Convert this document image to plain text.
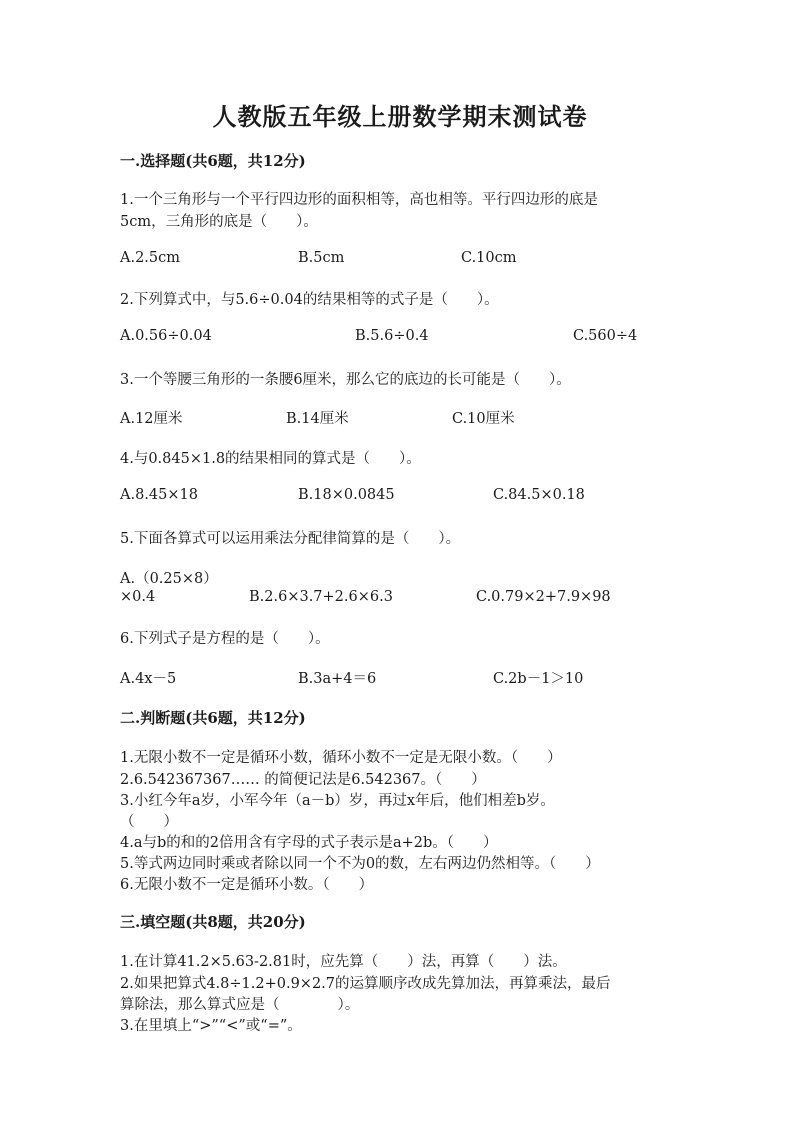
人教版五年级上册数学期末测试卷
一.选择题(共6题，共12分)
1.一个三角形与一个平行四边形的面积相等，高也相等。平行四边形的底是
5cm，三角形的底是（　　）。
A.2.5cm	B.5cm	C.10cm
2.下列算式中，与5.6÷0.04的结果相等的式子是（　　）。
A.0.56÷0.04	B.5.6÷0.4	C.560÷4
3.一个等腰三角形的一条腰6厘米，那么它的底边的长可能是（　　）。
A.12厘米	B.14厘米	C.10厘米
4.与0.845×1.8的结果相同的算式是（　　）。
A.8.45×18	B.18×0.0845	C.84.5×0.18
5.下面各算式可以运用乘法分配律简算的是（　　）。
A.（0.25×8）
×0.4	B.2.6×3.7+2.6×6.3	C.0.79×2+7.9×98
6.下列式子是方程的是（　　）。
A.4x－5	B.3a+4＝6	C.2b－1＞10
二.判断题(共6题，共12分)
1.无限小数不一定是循环小数，循环小数不一定是无限小数。（　　）
2.6.542367367…… 的简便记法是6.542367。（　　）
3.小红今年a岁，小军今年（a－b）岁，再过x年后，他们相差b岁。
（　　）
4.a与b的和的2倍用含有字母的式子表示是a+2b。（　　）
5.等式两边同时乘或者除以同一个不为0的数，左右两边仍然相等。（　　）
6.无限小数不一定是循环小数。（　　）
三.填空题(共8题，共20分)
1.在计算41.2×5.63-2.81时，应先算（　　）法，再算（　　）法。
2.如果把算式4.8÷1.2+0.9×2.7的运算顺序改成先算加法，再算乘法，最后
算除法，那么算式应是（　　　　）。
3.在里填上“>”“<”或“=”。
